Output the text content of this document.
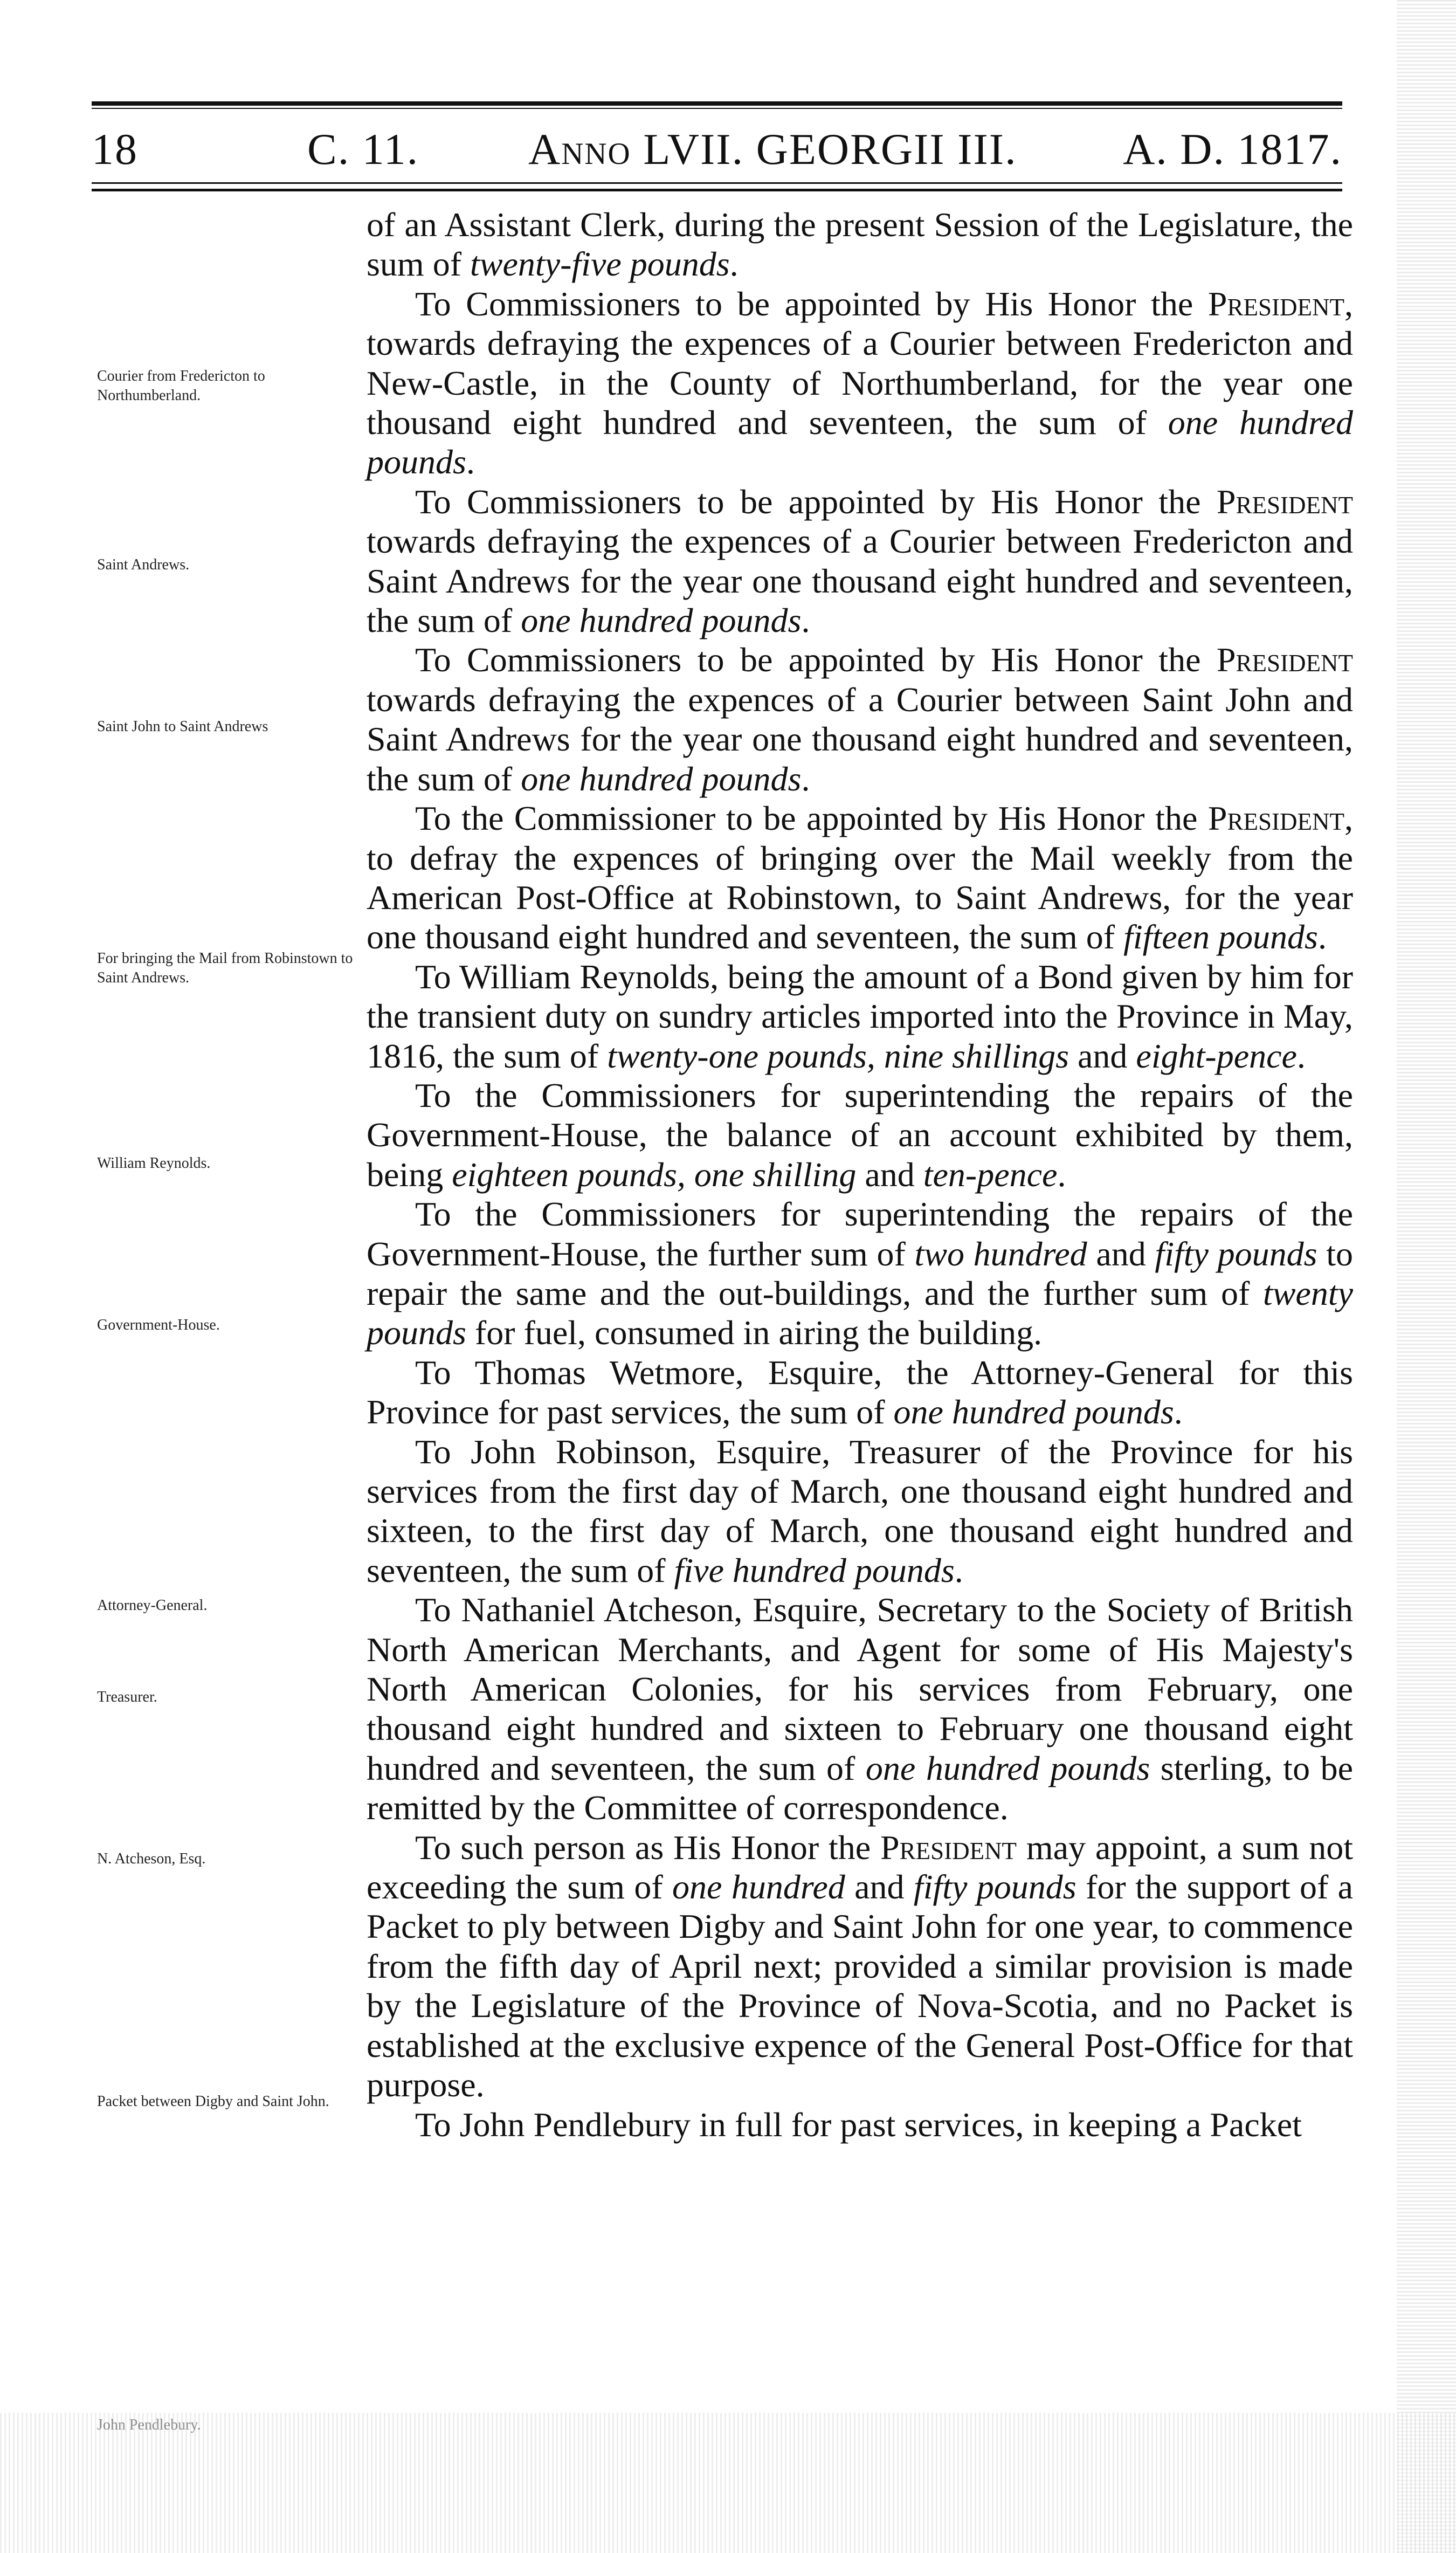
18	C. 11. Anno LVII. GEORGII III. A. D. 1817.
Courier from Fredericton to Northumberland.
Saint Andrews.
Saint John to Saint Andrews
For bringing the Mail from Robinstown to Saint Andrews.
William Reynolds.
Government-House.
Attorney-General.
Treasurer.
N. Atcheson, Esq.
Packet between Digby and Saint John.

of an Assistant Clerk, during the present Session of the Legislature, the sum of twenty-five pounds.

To Commissioners to be appointed by His Honor the President, towards defraying the expences of a Courier between Fredericton and New-Castle, in the County of Northumberland, for the year one thousand eight hundred and seventeen, the sum of one hundred pounds.

To Commissioners to be appointed by His Honor the President towards defraying the expences of a Courier between Fredericton and Saint Andrews for the year one thousand eight hundred and seventeen, the sum of one hundred pounds.

To Commissioners to be appointed by His Honor the President towards defraying the expences of a Courier between Saint John and Saint Andrews for the year one thousand eight hundred and seventeen, the sum of one hundred pounds.

To the Commissioner to be appointed by His Honor the President, to defray the expences of bringing over the Mail weekly from the American Post-Office at Robinstown, to Saint Andrews, for the year one thousand eight hundred and seventeen, the sum of fifteen pounds.

To William Reynolds, being the amount of a Bond given by him for the transient duty on sundry articles imported into the Province in May, 1816, the sum of twenty-one pounds, nine shillings and eight-pence.

To the Commissioners for superintending the repairs of the Government-House, the balance of an account exhibited by them, being eighteen pounds, one shilling and ten-pence.

To the Commissioners for superintending the repairs of the Government-House, the further sum of two hundred and fifty pounds to repair the same and the out-buildings, and the further sum of twenty pounds for fuel, consumed in airing the building.

To Thomas Wetmore, Esquire, the Attorney-General for this Province for past services, the sum of one hundred pounds.

To John Robinson, Esquire, Treasurer of the Province for his services from the first day of March, one thousand eight hundred and sixteen, to the first day of March, one thousand eight hundred and seventeen, the sum of five hundred pounds.

To Nathaniel Atcheson, Esquire, Secretary to the Society of British North American Merchants, and Agent for some of His Majesty's North American Colonies, for his services from February, one thousand eight hundred and sixteen to February one thousand eight hundred and seventeen, the sum of one hundred pounds sterling, to be remitted by the Committee of correspondence.

To such person as His Honor the President may appoint, a sum not exceeding the sum of one hundred and fifty pounds for the support of a Packet to ply between Digby and Saint John for one year, to commence from the fifth day of April next; provided a similar provision is made by the Legislature of the Province of Nova-Scotia, and no Packet is established at the exclusive expence of the General Post-Office for that purpose.

To John Pendlebury in full for past services, in keeping a Packet
